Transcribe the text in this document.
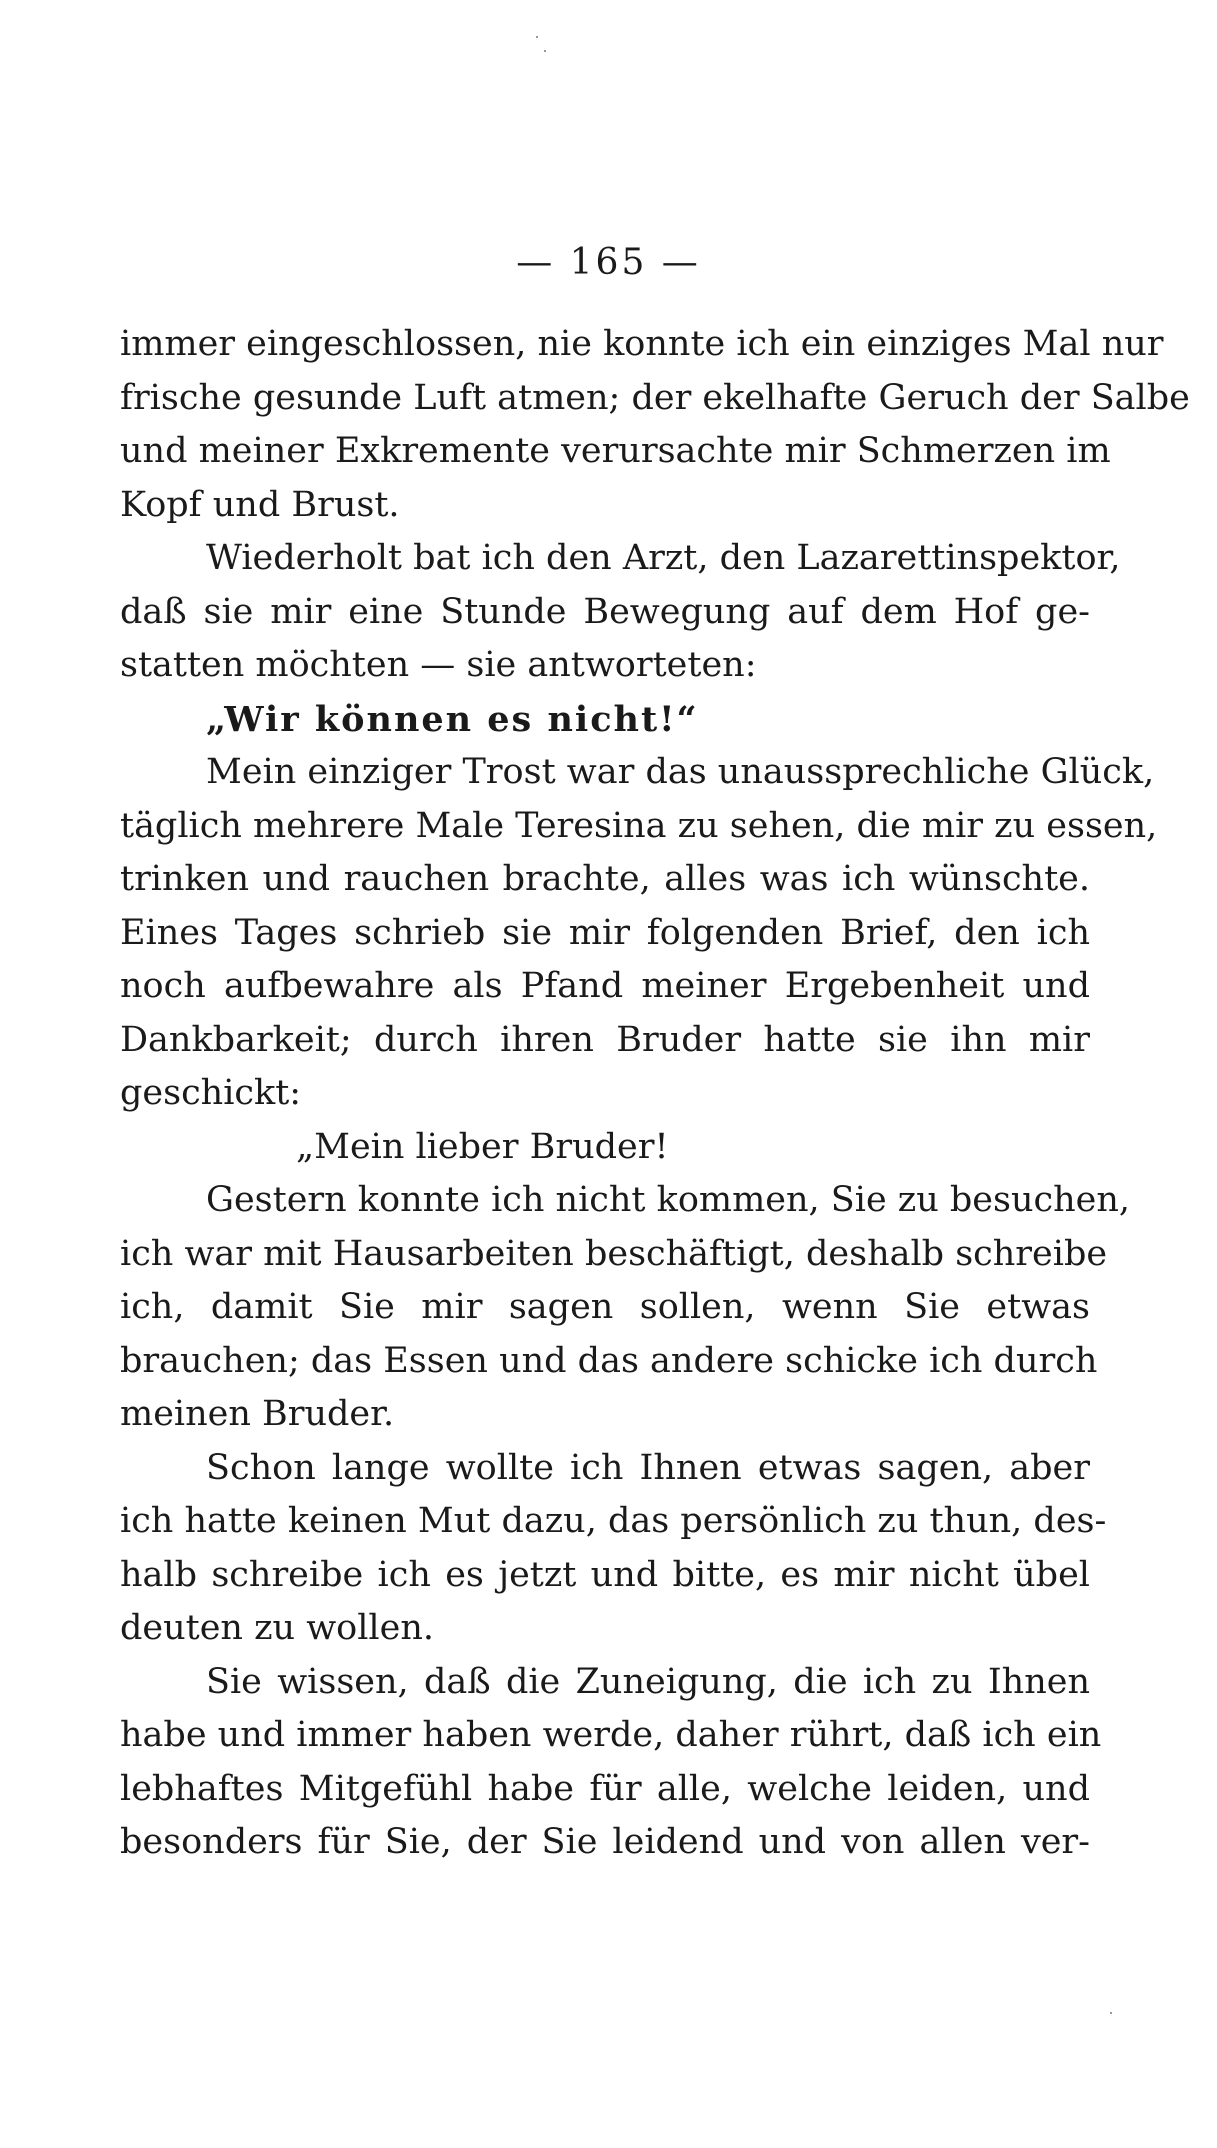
— 165 —
immer eingeschlossen, nie konnte ich ein einziges Mal nur
frische gesunde Luft atmen; der ekelhafte Geruch der Salbe
und meiner Exkremente verursachte mir Schmerzen im
Kopf und Brust.
Wiederholt bat ich den Arzt, den Lazarettinspektor,
daß sie mir eine Stunde Bewegung auf dem Hof ge-
statten möchten — sie antworteten:
„Wir können es nicht!“
Mein einziger Trost war das unaussprechliche Glück,
täglich mehrere Male Teresina zu sehen, die mir zu essen,
trinken und rauchen brachte, alles was ich wünschte.
Eines Tages schrieb sie mir folgenden Brief, den ich
noch aufbewahre als Pfand meiner Ergebenheit und
Dankbarkeit; durch ihren Bruder hatte sie ihn mir
geschickt:
„Mein lieber Bruder!
Gestern konnte ich nicht kommen, Sie zu besuchen,
ich war mit Hausarbeiten beschäftigt, deshalb schreibe
ich, damit Sie mir sagen sollen, wenn Sie etwas
brauchen; das Essen und das andere schicke ich durch
meinen Bruder.
Schon lange wollte ich Ihnen etwas sagen, aber
ich hatte keinen Mut dazu, das persönlich zu thun, des-
halb schreibe ich es jetzt und bitte, es mir nicht übel
deuten zu wollen.
Sie wissen, daß die Zuneigung, die ich zu Ihnen
habe und immer haben werde, daher rührt, daß ich ein
lebhaftes Mitgefühl habe für alle, welche leiden, und
besonders für Sie, der Sie leidend und von allen ver-
